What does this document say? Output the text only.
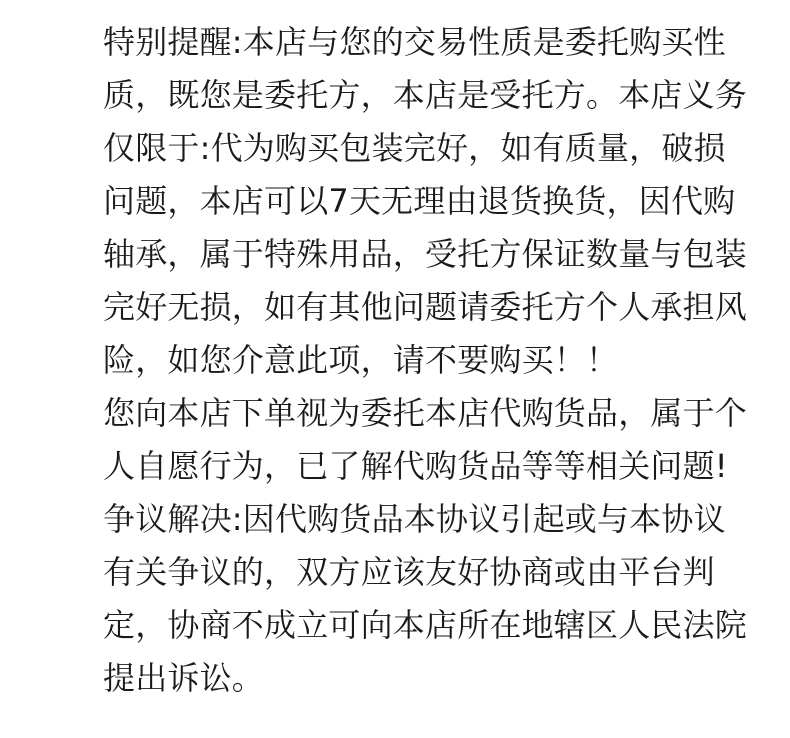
特别提醒:本店与您的交易性质是委托购买性
质，既您是委托方，本店是受托方。本店义务
仅限于:代为购买包装完好，如有质量，破损
问题，本店可以7天无理由退货换货，因代购
轴承，属于特殊用品，受托方保证数量与包装
完好无损，如有其他问题请委托方个人承担风
险，如您介意此项，请不要购买！！
您向本店下单视为委托本店代购货品，属于个
人自愿行为，已了解代购货品等等相关问题!
争议解决:因代购货品本协议引起或与本协议
有关争议的，双方应该友好协商或由平台判
定，协商不成立可向本店所在地辖区人民法院
提出诉讼。
